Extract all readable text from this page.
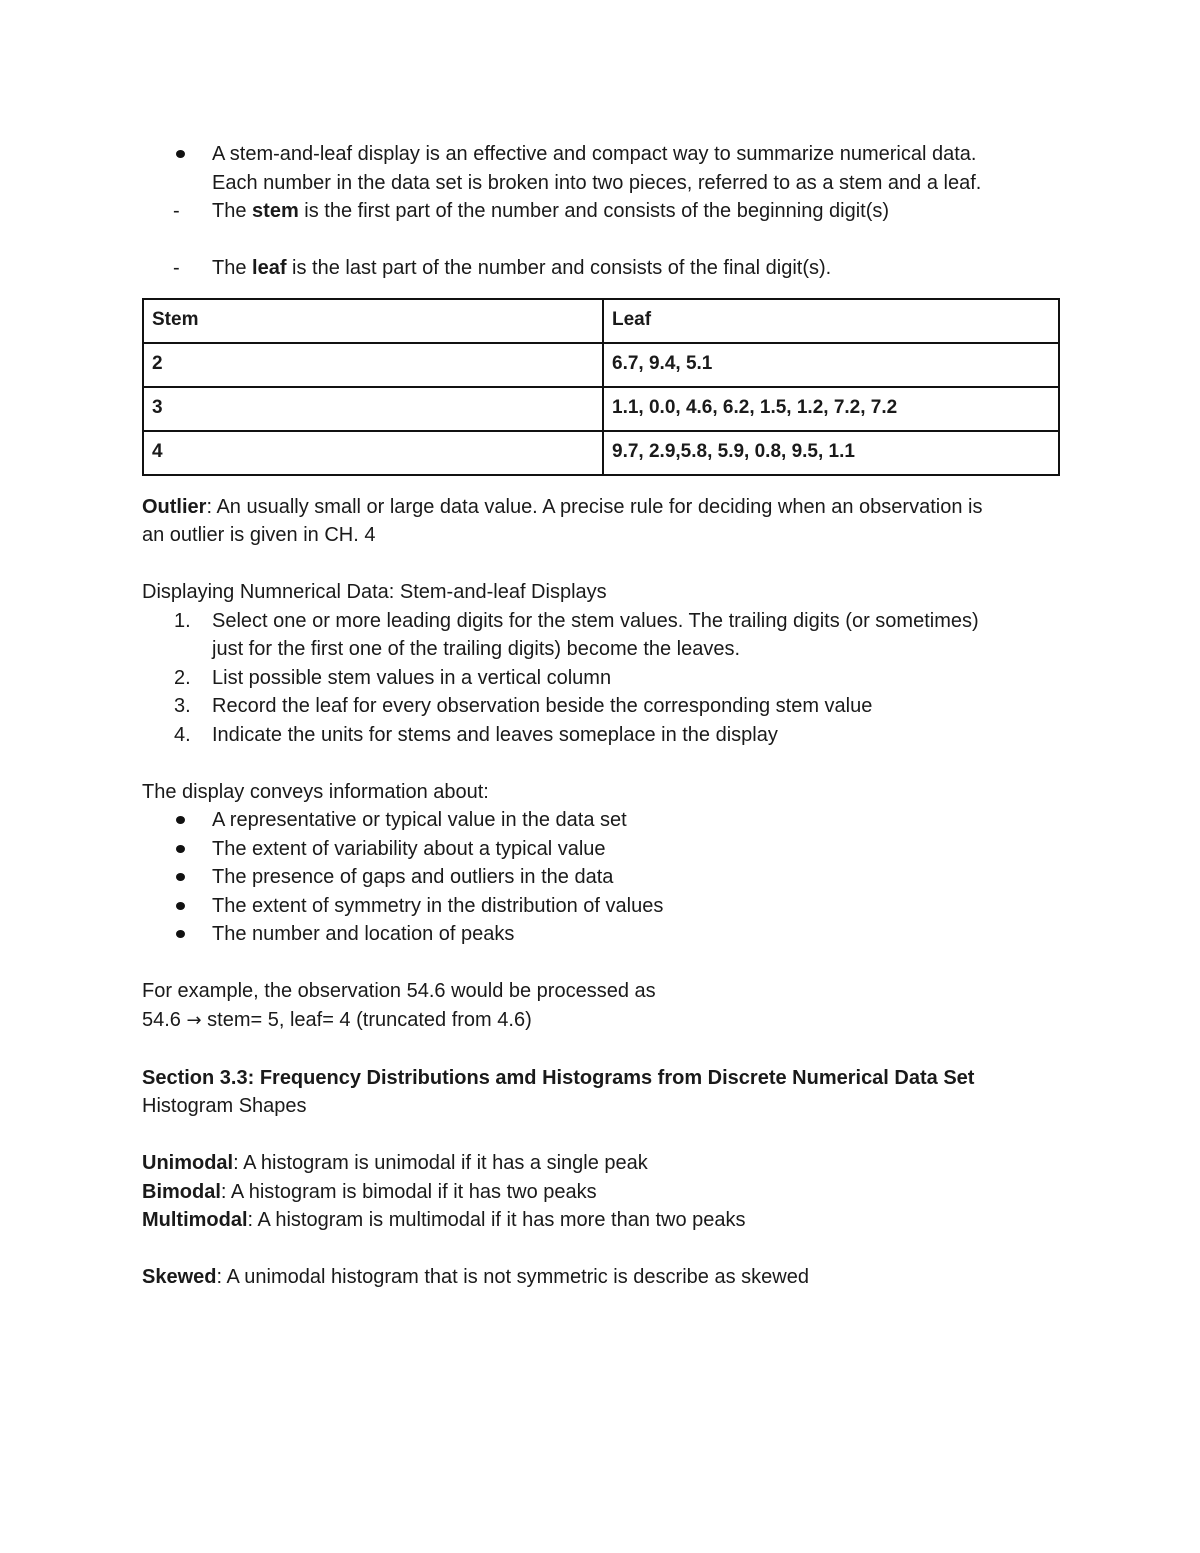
A stem-and-leaf display is an effective and compact way to summarize numerical data.
Each number in the data set is broken into two pieces, referred to as a stem and a leaf.
- The stem is the first part of the number and consists of the beginning digit(s)
- The leaf is the last part of the number and consists of the final digit(s).
Stem	Leaf
2	6.7, 9.4, 5.1
3	1.1, 0.0, 4.6, 6.2, 1.5, 1.2, 7.2, 7.2
4	9.7, 2.9,5.8, 5.9, 0.8, 9.5, 1.1
Outlier: An usually small or large data value. A precise rule for deciding when an observation is
an outlier is given in CH. 4
Displaying Numnerical Data: Stem-and-leaf Displays
1. Select one or more leading digits for the stem values. The trailing digits (or sometimes)
just for the first one of the trailing digits) become the leaves.
2. List possible stem values in a vertical column
3. Record the leaf for every observation beside the corresponding stem value
4. Indicate the units for stems and leaves someplace in the display
The display conveys information about:
A representative or typical value in the data set
The extent of variability about a typical value
The presence of gaps and outliers in the data
The extent of symmetry in the distribution of values
The number and location of peaks
For example, the observation 54.6 would be processed as
54.6 → stem= 5, leaf= 4 (truncated from 4.6)
Section 3.3: Frequency Distributions amd Histograms from Discrete Numerical Data Set
Histogram Shapes
Unimodal: A histogram is unimodal if it has a single peak
Bimodal: A histogram is bimodal if it has two peaks
Multimodal: A histogram is multimodal if it has more than two peaks
Skewed: A unimodal histogram that is not symmetric is describe as skewed
